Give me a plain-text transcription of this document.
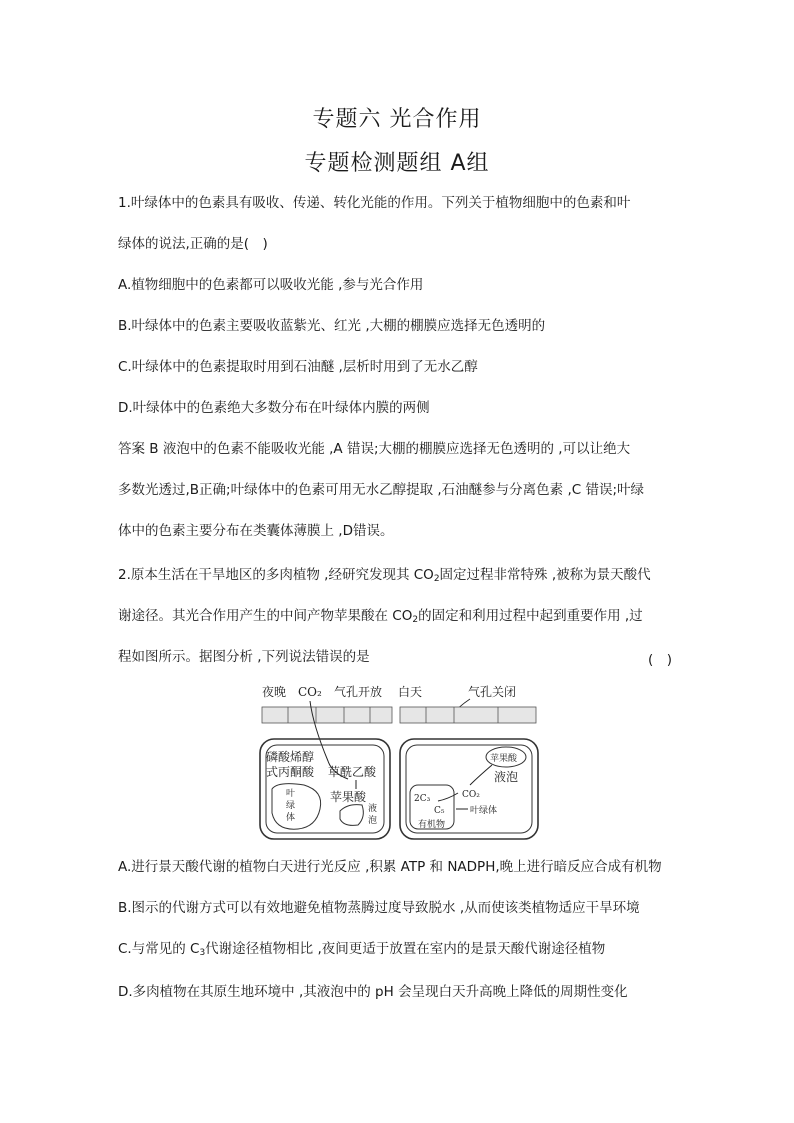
专题六 光合作用
专题检测题组 A组
1.叶绿体中的色素具有吸收、传递、转化光能的作用。下列关于植物细胞中的色素和叶
绿体的说法,正确的是(　)
A.植物细胞中的色素都可以吸收光能 ,参与光合作用
B.叶绿体中的色素主要吸收蓝紫光、红光 ,大棚的棚膜应选择无色透明的
C.叶绿体中的色素提取时用到石油醚 ,层析时用到了无水乙醇
D.叶绿体中的色素绝大多数分布在叶绿体内膜的两侧
答案 B 液泡中的色素不能吸收光能 ,A 错误;大棚的棚膜应选择无色透明的 ,可以让绝大
多数光透过,B正确;叶绿体中的色素可用无水乙醇提取 ,石油醚参与分离色素 ,C 错误;叶绿
体中的色素主要分布在类囊体薄膜上 ,D错误。
2.原本生活在干旱地区的多肉植物 ,经研究发现其 $CO_2$固定过程非常特殊 ,被称为景天酸代
谢途径。其光合作用产生的中间产物苹果酸在 $CO_2$的固定和利用过程中起到重要作用 ,过
程如图所示。据图分析 ,下列说法错误的是	(　)
夜晚 CO₂ 气孔开放
磷酸烯醇
式丙酮酸 草酰乙酸
苹果酸
叶
绿
体
液
泡
白天	气孔关闭
苹果酸
液泡
CO₂
2C₃
C₅
有机物
叶绿体
A.进行景天酸代谢的植物白天进行光反应 ,积累 ATP 和 NADPH,晚上进行暗反应合成有机物
B.图示的代谢方式可以有效地避免植物蒸腾过度导致脱水 ,从而使该类植物适应干旱环境
C.与常见的 $C_3$代谢途径植物相比 ,夜间更适于放置在室内的是景天酸代谢途径植物
D.多肉植物在其原生地环境中 ,其液泡中的 pH 会呈现白天升高晚上降低的周期性变化
